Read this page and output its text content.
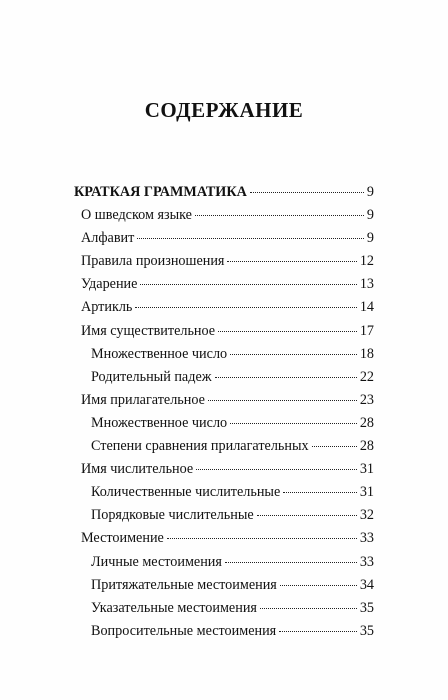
СОДЕРЖАНИЕ
КРАТКАЯ ГРАММАТИКА	9
О шведском языке	9
Алфавит	9
Правила произношения	12
Ударение	13
Артикль	14
Имя существительное	17
Множественное число	18
Родительный падеж	22
Имя прилагательное	23
Множественное число	28
Степени сравнения прилагательных	28
Имя числительное	31
Количественные числительные	31
Порядковые числительные	32
Местоимение	33
Личные местоимения	33
Притяжательные местоимения	34
Указательные местоимения	35
Вопросительные местоимения	35
